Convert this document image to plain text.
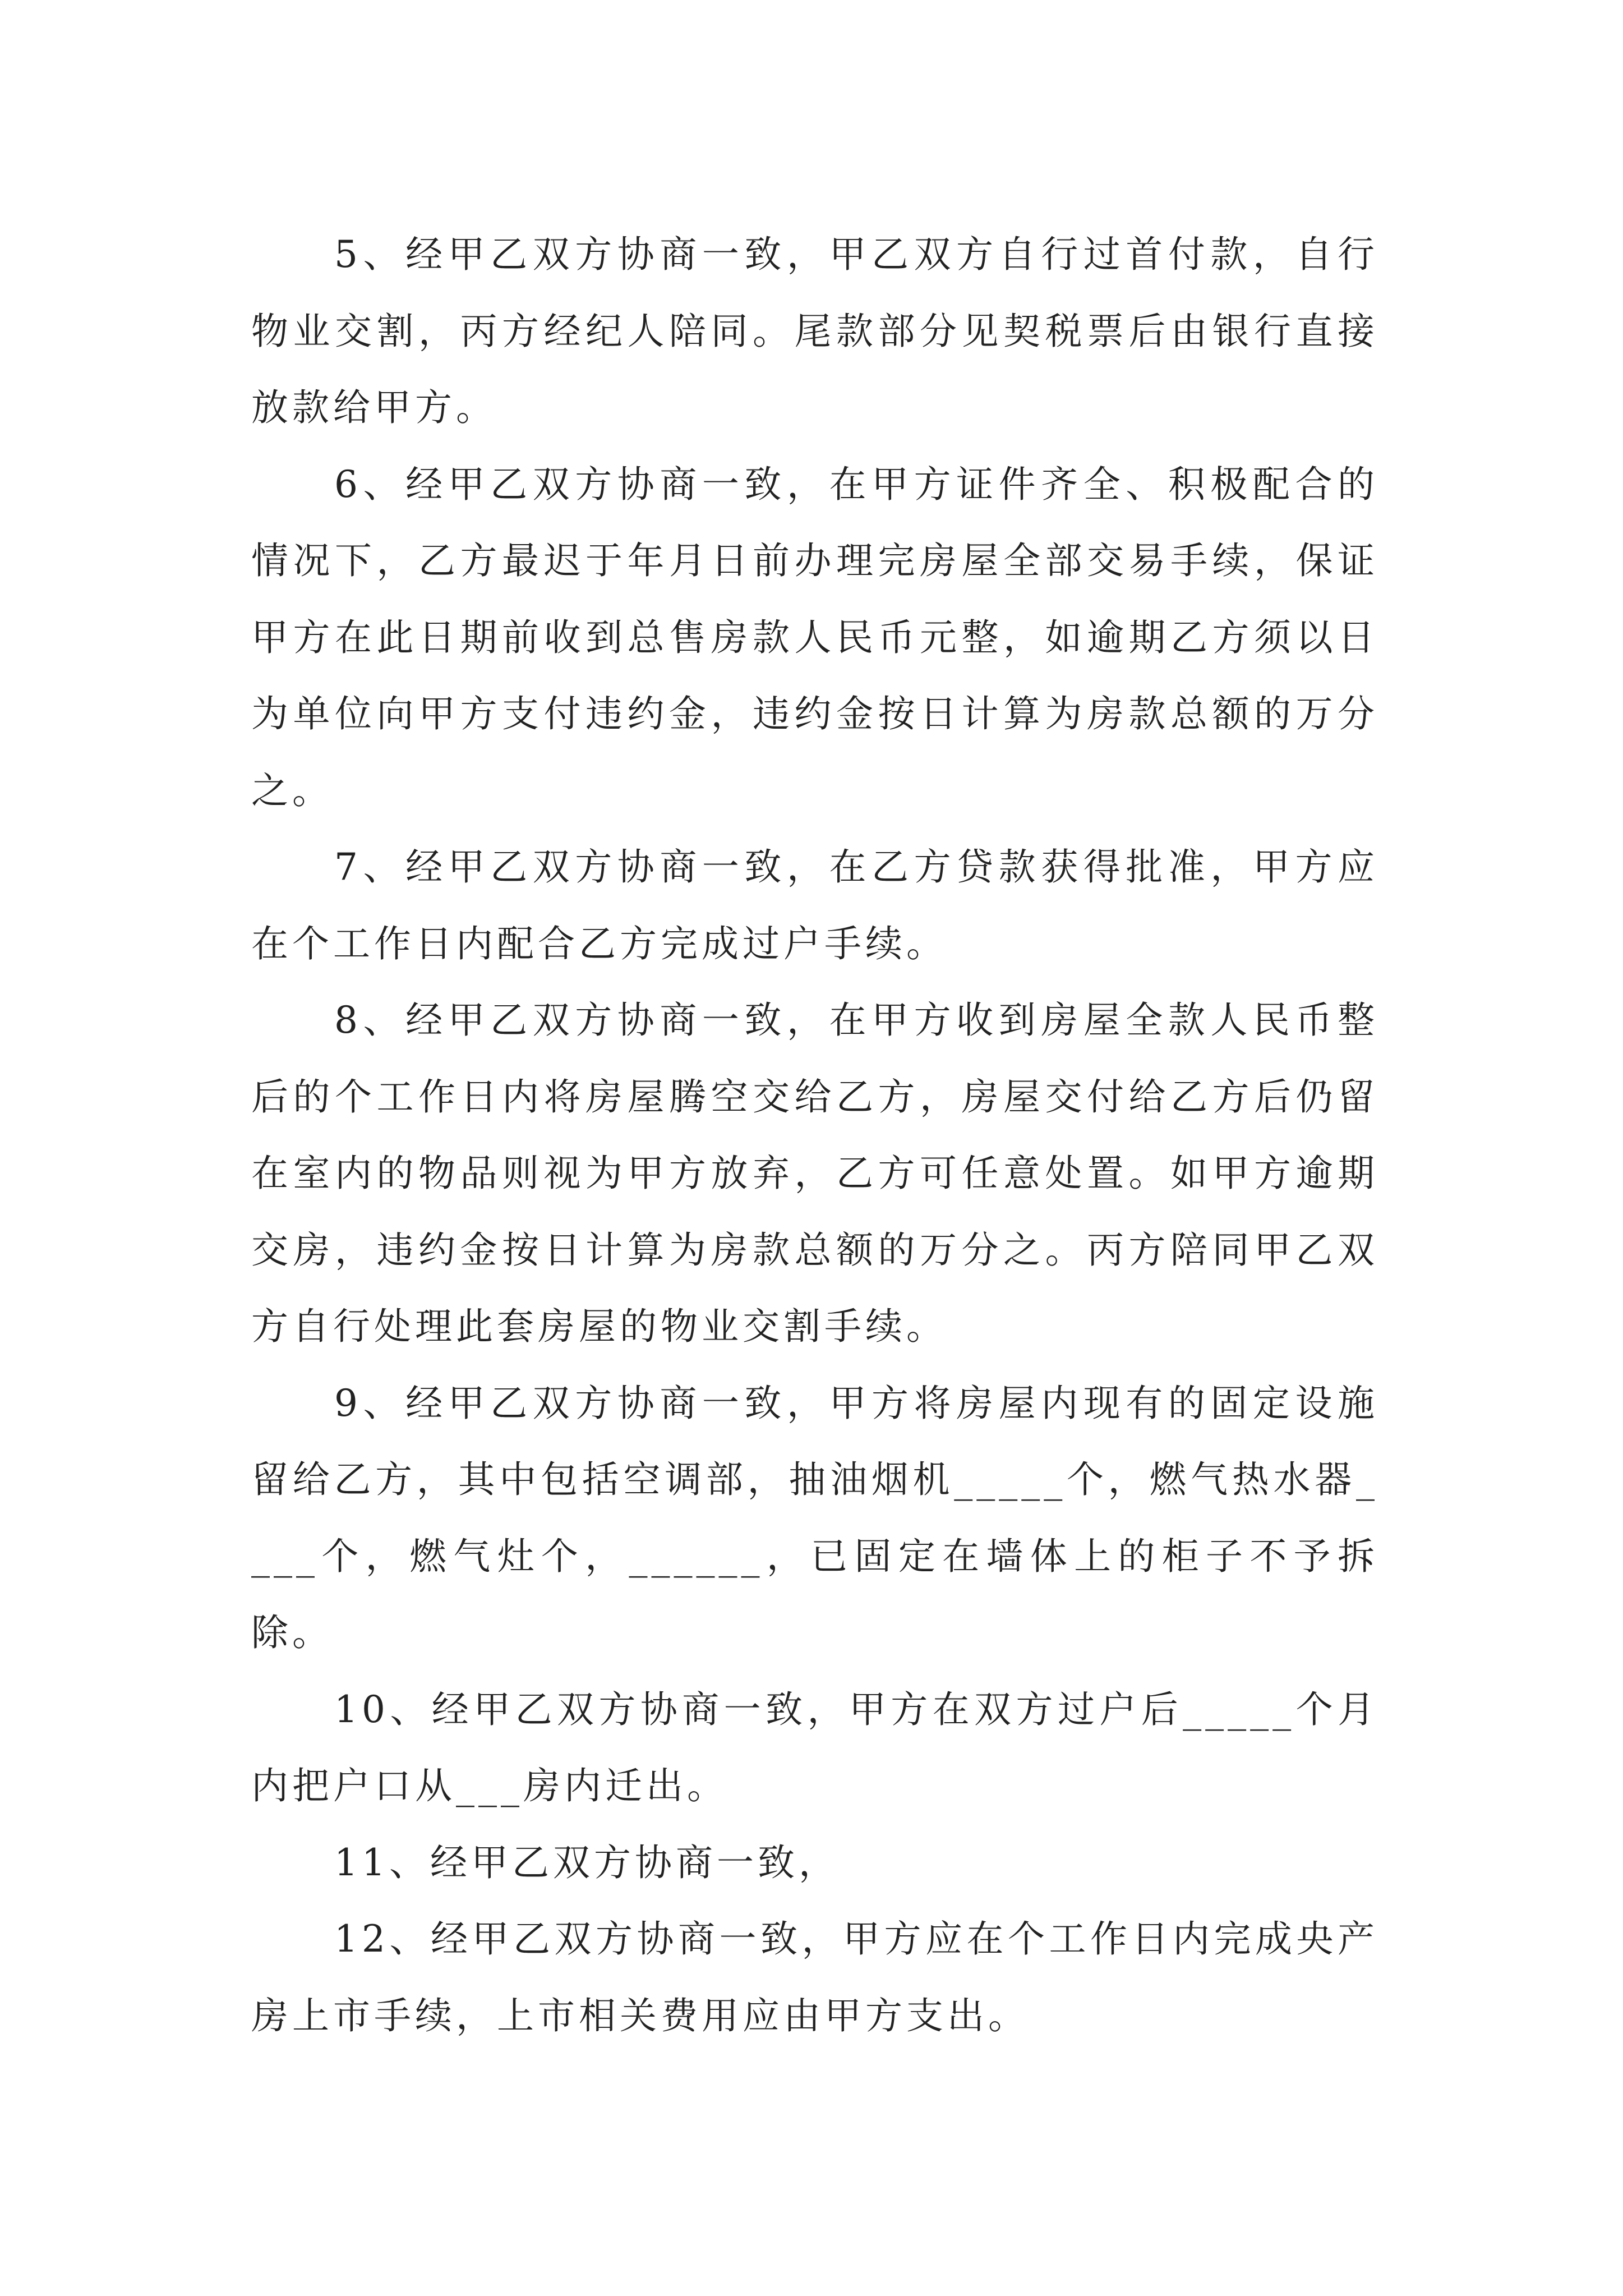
5、经甲乙双方协商一致，甲乙双方自行过首付款，自行物业交割，丙方经纪人陪同。尾款部分见契税票后由银行直接放款给甲方。

6、经甲乙双方协商一致，在甲方证件齐全、积极配合的情况下，乙方最迟于年月日前办理完房屋全部交易手续，保证甲方在此日期前收到总售房款人民币元整，如逾期乙方须以日为单位向甲方支付违约金，违约金按日计算为房款总额的万分之。

7、经甲乙双方协商一致，在乙方贷款获得批准，甲方应在个工作日内配合乙方完成过户手续。

8、经甲乙双方协商一致，在甲方收到房屋全款人民币整后的个工作日内将房屋腾空交给乙方，房屋交付给乙方后仍留在室内的物品则视为甲方放弃，乙方可任意处置。如甲方逾期交房，违约金按日计算为房款总额的万分之。丙方陪同甲乙双方自行处理此套房屋的物业交割手续。

9、经甲乙双方协商一致，甲方将房屋内现有的固定设施留给乙方，其中包括空调部，抽油烟机_____个，燃气热水器____个，燃气灶个，______，已固定在墙体上的柜子不予拆除。

10、经甲乙双方协商一致，甲方在双方过户后_____个月内把户口从___房内迁出。

11、经甲乙双方协商一致，

12、经甲乙双方协商一致，甲方应在个工作日内完成央产房上市手续，上市相关费用应由甲方支出。
